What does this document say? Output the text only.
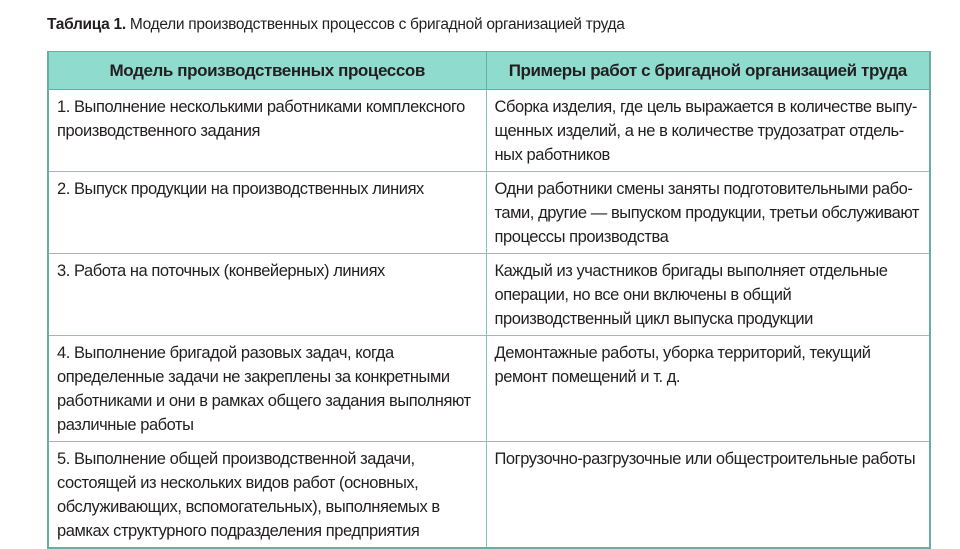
Таблица 1. Модели производственных процессов с бригадной организацией труда
Модель производственных процессов	Примеры работ с бригадной организацией труда
1. Выполнение несколькими работниками комплексного производственного задания	Сборка изделия, где цель выражается в количестве выпущенных изделий, а не в количестве трудозатрат отдельных работников
2. Выпуск продукции на производственных линиях	Одни работники смены заняты подготовительными работами, другие — выпуском продукции, третьи обслуживают процессы производства
3. Работа на поточных (конвейерных) линиях	Каждый из участников бригады выполняет отдельные операции, но все они включены в общий производственный цикл выпуска продукции
4. Выполнение бригадой разовых задач, когда определенные задачи не закреплены за конкретными работниками и они в рамках общего задания выполняют различные работы	Демонтажные работы, уборка территорий, текущий ремонт помещений и т. д.
5. Выполнение общей производственной задачи, состоящей из нескольких видов работ (основных, обслуживающих, вспомогательных), выполняемых в рамках структурного подразделения предприятия	Погрузочно-разгрузочные или общестроительные работы
